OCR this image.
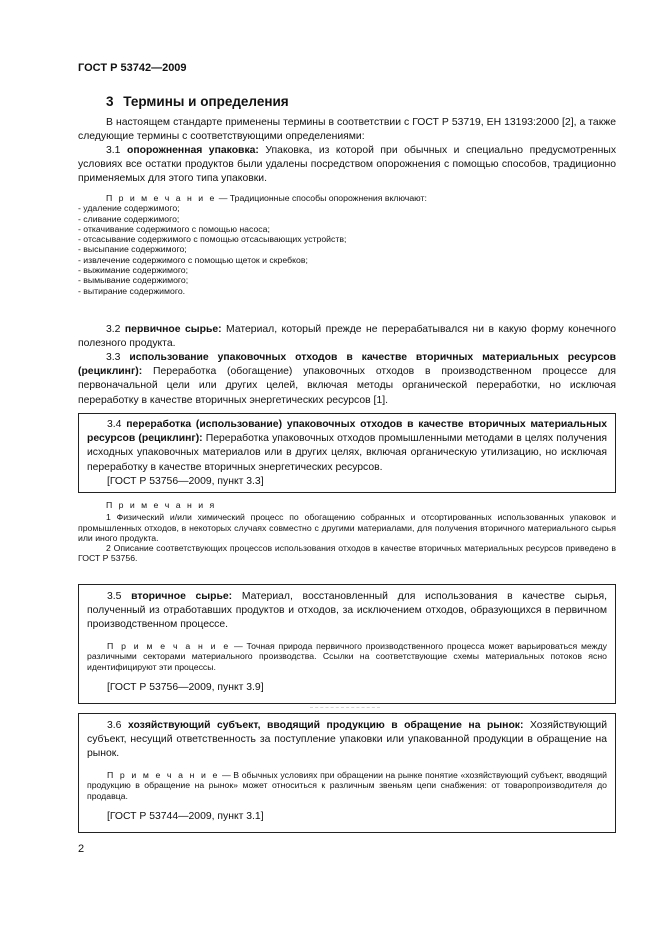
ГОСТ Р 53742—2009
3 Термины и определения

В настоящем стандарте применены термины в соответствии с ГОСТ Р 53719, ЕН 13193:2000 [2], а также следующие термины с соответствующими определениями:

3.1 опорожненная упаковка: Упаковка, из которой при обычных и специально предусмотренных условиях все остатки продуктов были удалены посредством опорожнения с помощью способов, традиционно применяемых для этого типа упаковки.

П р и м е ч а н и е — Традиционные способы опорожнения включают:

- удаление содержимого;

- сливание содержимого;

- откачивание содержимого с помощью насоса;

- отсасывание содержимого с помощью отсасывающих устройств;

- высыпание содержимого;

- извлечение содержимого с помощью щеток и скребков;

- выжимание содержимого;

- вымывание содержимого;

- вытирание содержимого.

3.2 первичное сырье: Материал, который прежде не перерабатывался ни в какую форму конечного полезного продукта.

3.3 использование упаковочных отходов в качестве вторичных материальных ресурсов (рециклинг): Переработка (обогащение) упаковочных отходов в производственном процессе для первоначальной цели или других целей, включая методы органической переработки, но исключая переработку в качестве вторичных энергетических ресурсов [1].

3.4 переработка (использование) упаковочных отходов в качестве вторичных материальных ресурсов (рециклинг): Переработка упаковочных отходов промышленными методами в целях получения исходных упаковочных материалов или в других целях, включая органическую утилизацию, но исключая переработку в качестве вторичных энергетических ресурсов.

[ГОСТ Р 53756—2009, пункт 3.3]

П р и м е ч а н и я

1 Физический и/или химический процесс по обогащению собранных и отсортированных использованных упаковок и промышленных отходов, в некоторых случаях совместно с другими материалами, для получения вторичного материального сырья или иного продукта.

2 Описание соответствующих процессов использования отходов в качестве вторичных материальных ресурсов приведено в ГОСТ Р 53756.

3.5 вторичное сырье: Материал, восстановленный для использования в качестве сырья, полученный из отработавших продуктов и отходов, за исключением отходов, образующихся в первичном производственном процессе.

П р и м е ч а н и е — Точная природа первичного производственного процесса может варьироваться между различными секторами материального производства. Ссылки на соответствующие схемы материальных потоков ясно идентифицируют эти процессы.

[ГОСТ Р 53756—2009, пункт 3.9]

3.6 хозяйствующий субъект, вводящий продукцию в обращение на рынок: Хозяйствующий субъект, несущий ответственность за поступление упаковки или упакованной продукции в обращение на рынок.

П р и м е ч а н и е — В обычных условиях при обращении на рынке понятие «хозяйствующий субъект, вводящий продукцию в обращение на рынок» может относиться к различным звеньям цепи снабжения: от товаропроизводителя до продавца.

[ГОСТ Р 53744—2009, пункт 3.1]

2
